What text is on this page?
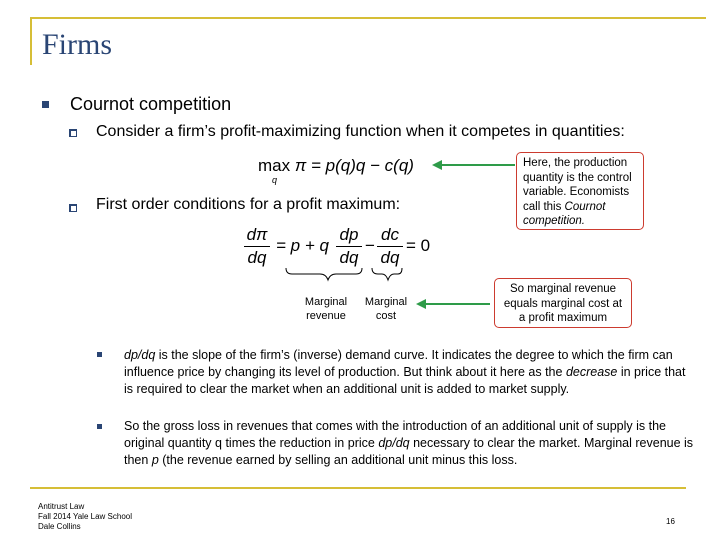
Firms
Cournot competition
Consider a firm’s profit-maximizing function when it competes in quantities:
max π = p(q)q − c(q)
q
First order conditions for a profit maximum:
dπ
dq
= p + q
dp
dq
−
dc
dq
= 0
Marginal revenue
Marginal cost
Here, the production quantity is the control variable. Economists call this Cournot competition.
So marginal revenue equals marginal cost at a profit maximum
dp/dq is the slope of the firm’s (inverse) demand curve. It indicates the degree to which the firm can influence price by changing its level of production. But think about it here as the decrease in price that is required to clear the market when an additional unit is added to market supply.
So the gross loss in revenues that comes with the introduction of an additional unit of supply is the original quantity q times the reduction in price dp/dq necessary to clear the market. Marginal revenue is then p (the revenue earned by selling an additional unit minus this loss.
Antitrust Law
Fall 2014 Yale Law School
Dale Collins
16
